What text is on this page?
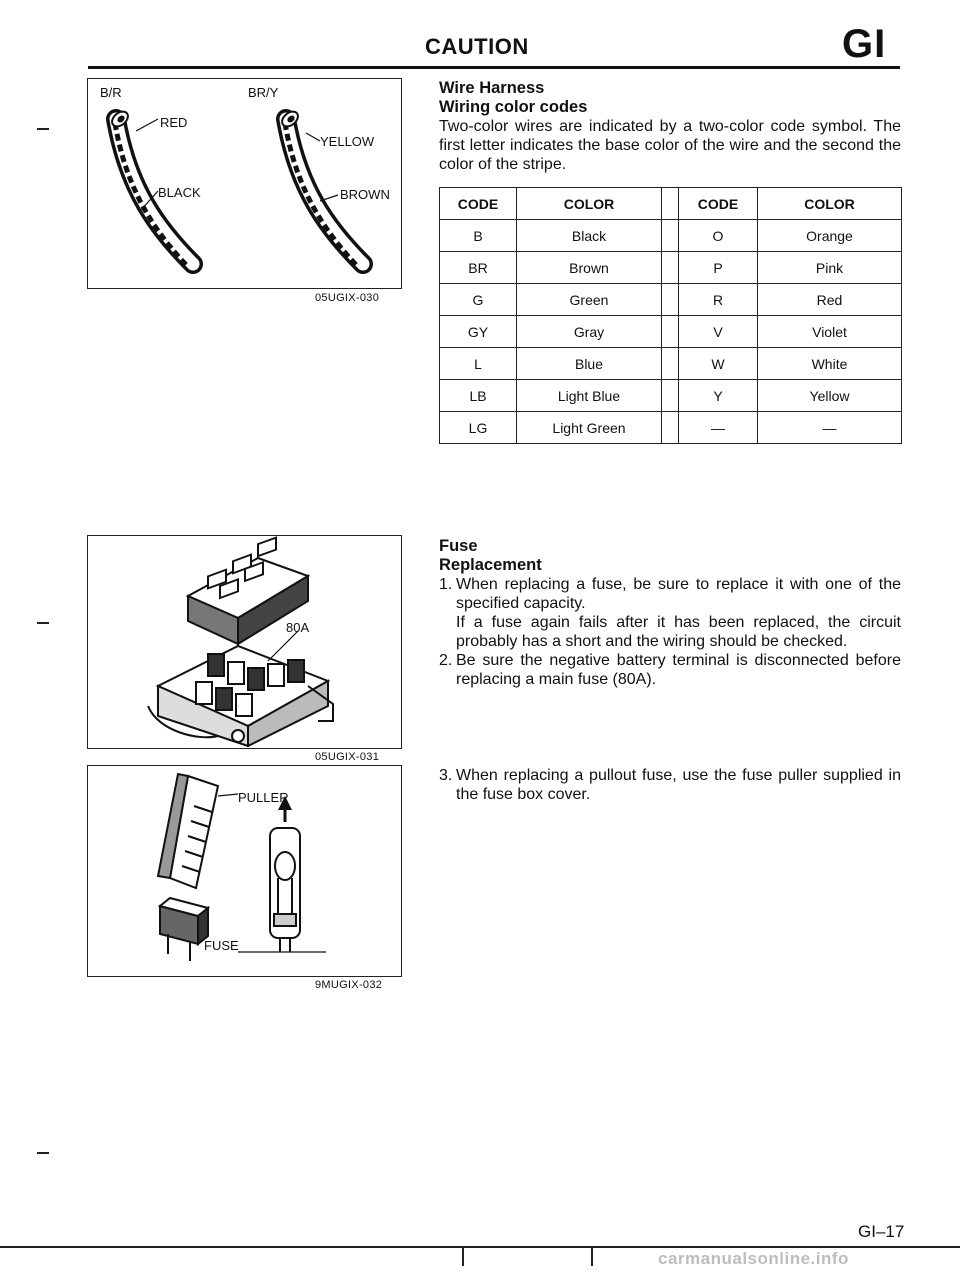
CAUTION	GI
B/R
RED
BLACK
BR/Y
YELLOW
BROWN
05UGIX-030
80A
05UGIX-031
PULLER
FUSE
9MUGIX-032
Wire Harness
Wiring color codes
Two-color wires are indicated by a two-color code symbol. The first letter indicates the base color of the wire and the second the color of the stripe.
CODE	COLOR		CODE	COLOR
B	Black		O	Orange
BR	Brown		P	Pink
G	Green		R	Red
GY	Gray		V	Violet
L	Blue		W	White
LB	Light Blue		Y	Yellow
LG	Light Green		—	—
Fuse
Replacement
1. When replacing a fuse, be sure to replace it with one of the specified capacity.
If a fuse again fails after it has been replaced, the circuit probably has a short and the wiring should be checked.
2. Be sure the negative battery terminal is disconnected before replacing a main fuse (80A).
3. When replacing a pullout fuse, use the fuse puller supplied in the fuse box cover.
GI–17
carmanualsonline.info
